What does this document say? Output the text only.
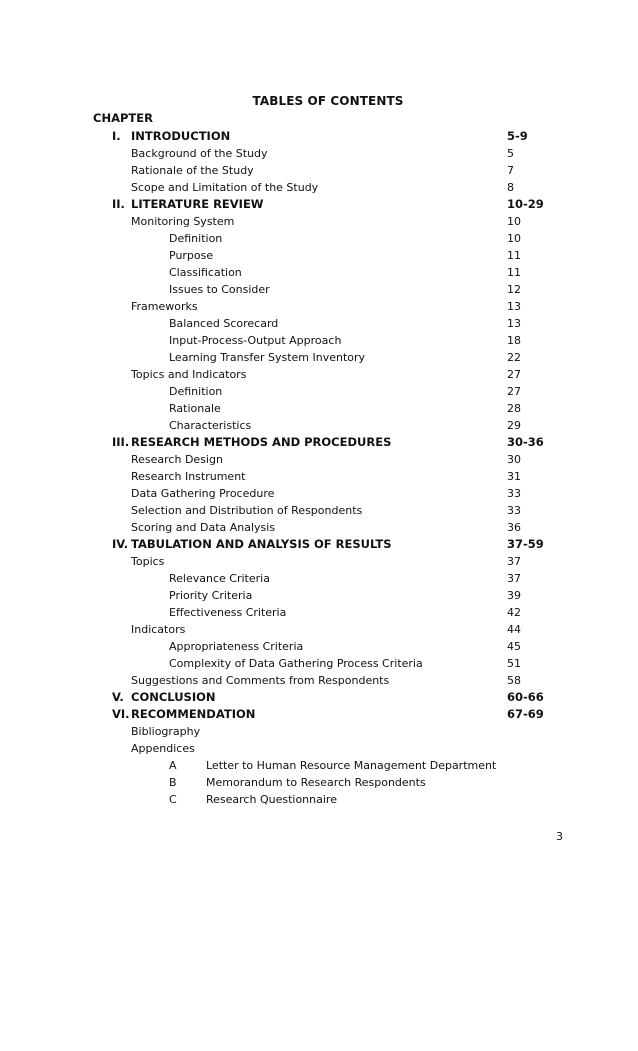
TABLES OF CONTENTS
CHAPTER
I. INTRODUCTION	5-9
Background of the Study	5
Rationale of the Study	7
Scope and Limitation of the Study	8
II. LITERATURE REVIEW	10-29
Monitoring System	10
Definition	10
Purpose	11
Classification	11
Issues to Consider	12
Frameworks	13
Balanced Scorecard	13
Input-Process-Output Approach	18
Learning Transfer System Inventory	22
Topics and Indicators	27
Definition	27
Rationale	28
Characteristics	29
III. RESEARCH METHODS AND PROCEDURES	30-36
Research Design	30
Research Instrument	31
Data Gathering Procedure	33
Selection and Distribution of Respondents	33
Scoring and Data Analysis	36
IV. TABULATION AND ANALYSIS OF RESULTS	37-59
Topics	37
Relevance Criteria	37
Priority Criteria	39
Effectiveness Criteria	42
Indicators	44
Appropriateness Criteria	45
Complexity of Data Gathering Process Criteria	51
Suggestions and Comments from Respondents	58
V. CONCLUSION	60-66
VI. RECOMMENDATION	67-69
Bibliography
Appendices
A	Letter to Human Resource Management Department
B	Memorandum to Research Respondents
C	Research Questionnaire
3
